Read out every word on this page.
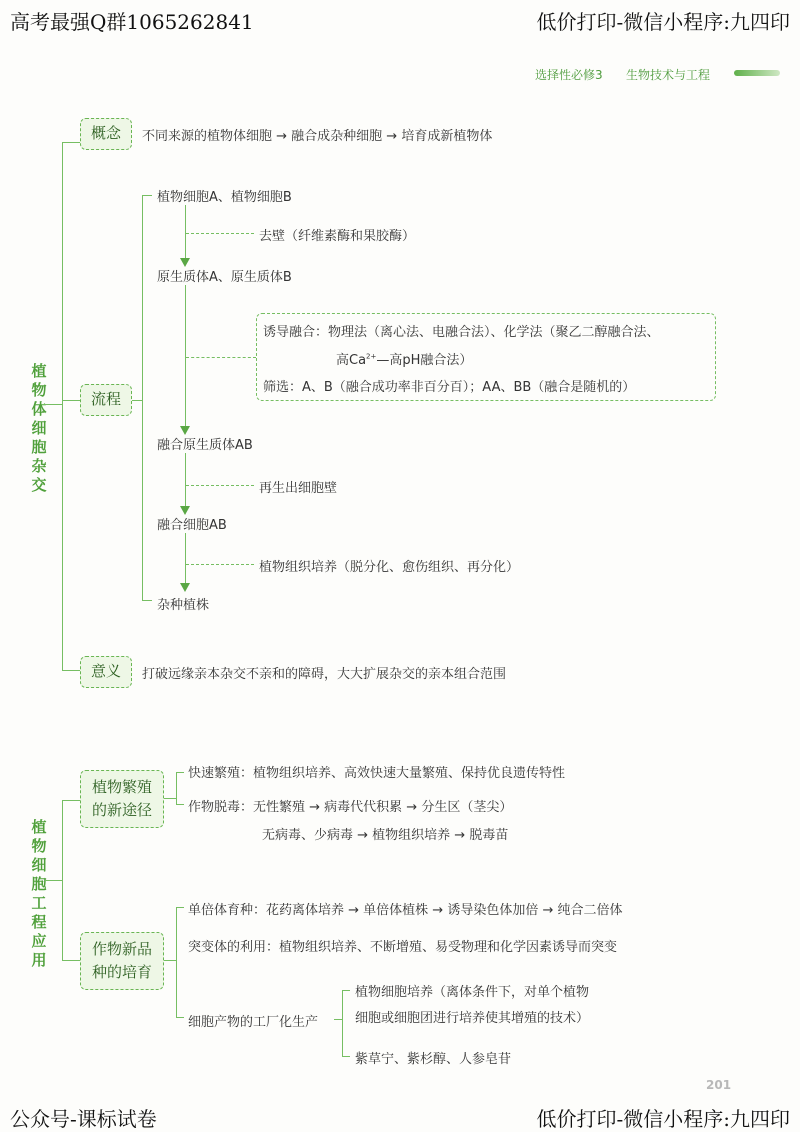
高考最强Q群1065262841	低价打印-微信小程序:九四印
公众号-课标试卷	低价打印-微信小程序:九四印
选择性必修3 生物技术与工程
植物体细胞杂交
概念	不同来源的植物体细胞 → 融合成杂种细胞 → 培育成新植物体
流程
植物细胞A、植物细胞B
去壁（纤维素酶和果胶酶）
原生质体A、原生质体B
诱导融合：物理法（离心法、电融合法）、化学法（聚乙二醇融合法、
高$Ca^{2+}—$高pH融合法）
筛选：A、B（融合成功率非百分百）；AA、BB（融合是随机的）
融合原生质体AB
再生出细胞壁
融合细胞AB
植物组织培养（脱分化、愈伤组织、再分化）
杂种植株
意义	打破远缘亲本杂交不亲和的障碍，大大扩展杂交的亲本组合范围
植物细胞工程应用
植物繁殖
的新途径
快速繁殖：植物组织培养、高效快速大量繁殖、保持优良遗传特性
作物脱毒：无性繁殖 → 病毒代代积累 → 分生区（茎尖）
无病毒、少病毒 → 植物组织培养 → 脱毒苗
作物新品
种的培育
单倍体育种：花药离体培养 → 单倍体植株 → 诱导染色体加倍 → 纯合二倍体
突变体的利用：植物组织培养、不断增殖、易受物理和化学因素诱导而突变
细胞产物的工厂化生产
植物细胞培养（离体条件下，对单个植物
细胞或细胞团进行培养使其增殖的技术）
紫草宁、紫杉醇、人参皂苷
201
